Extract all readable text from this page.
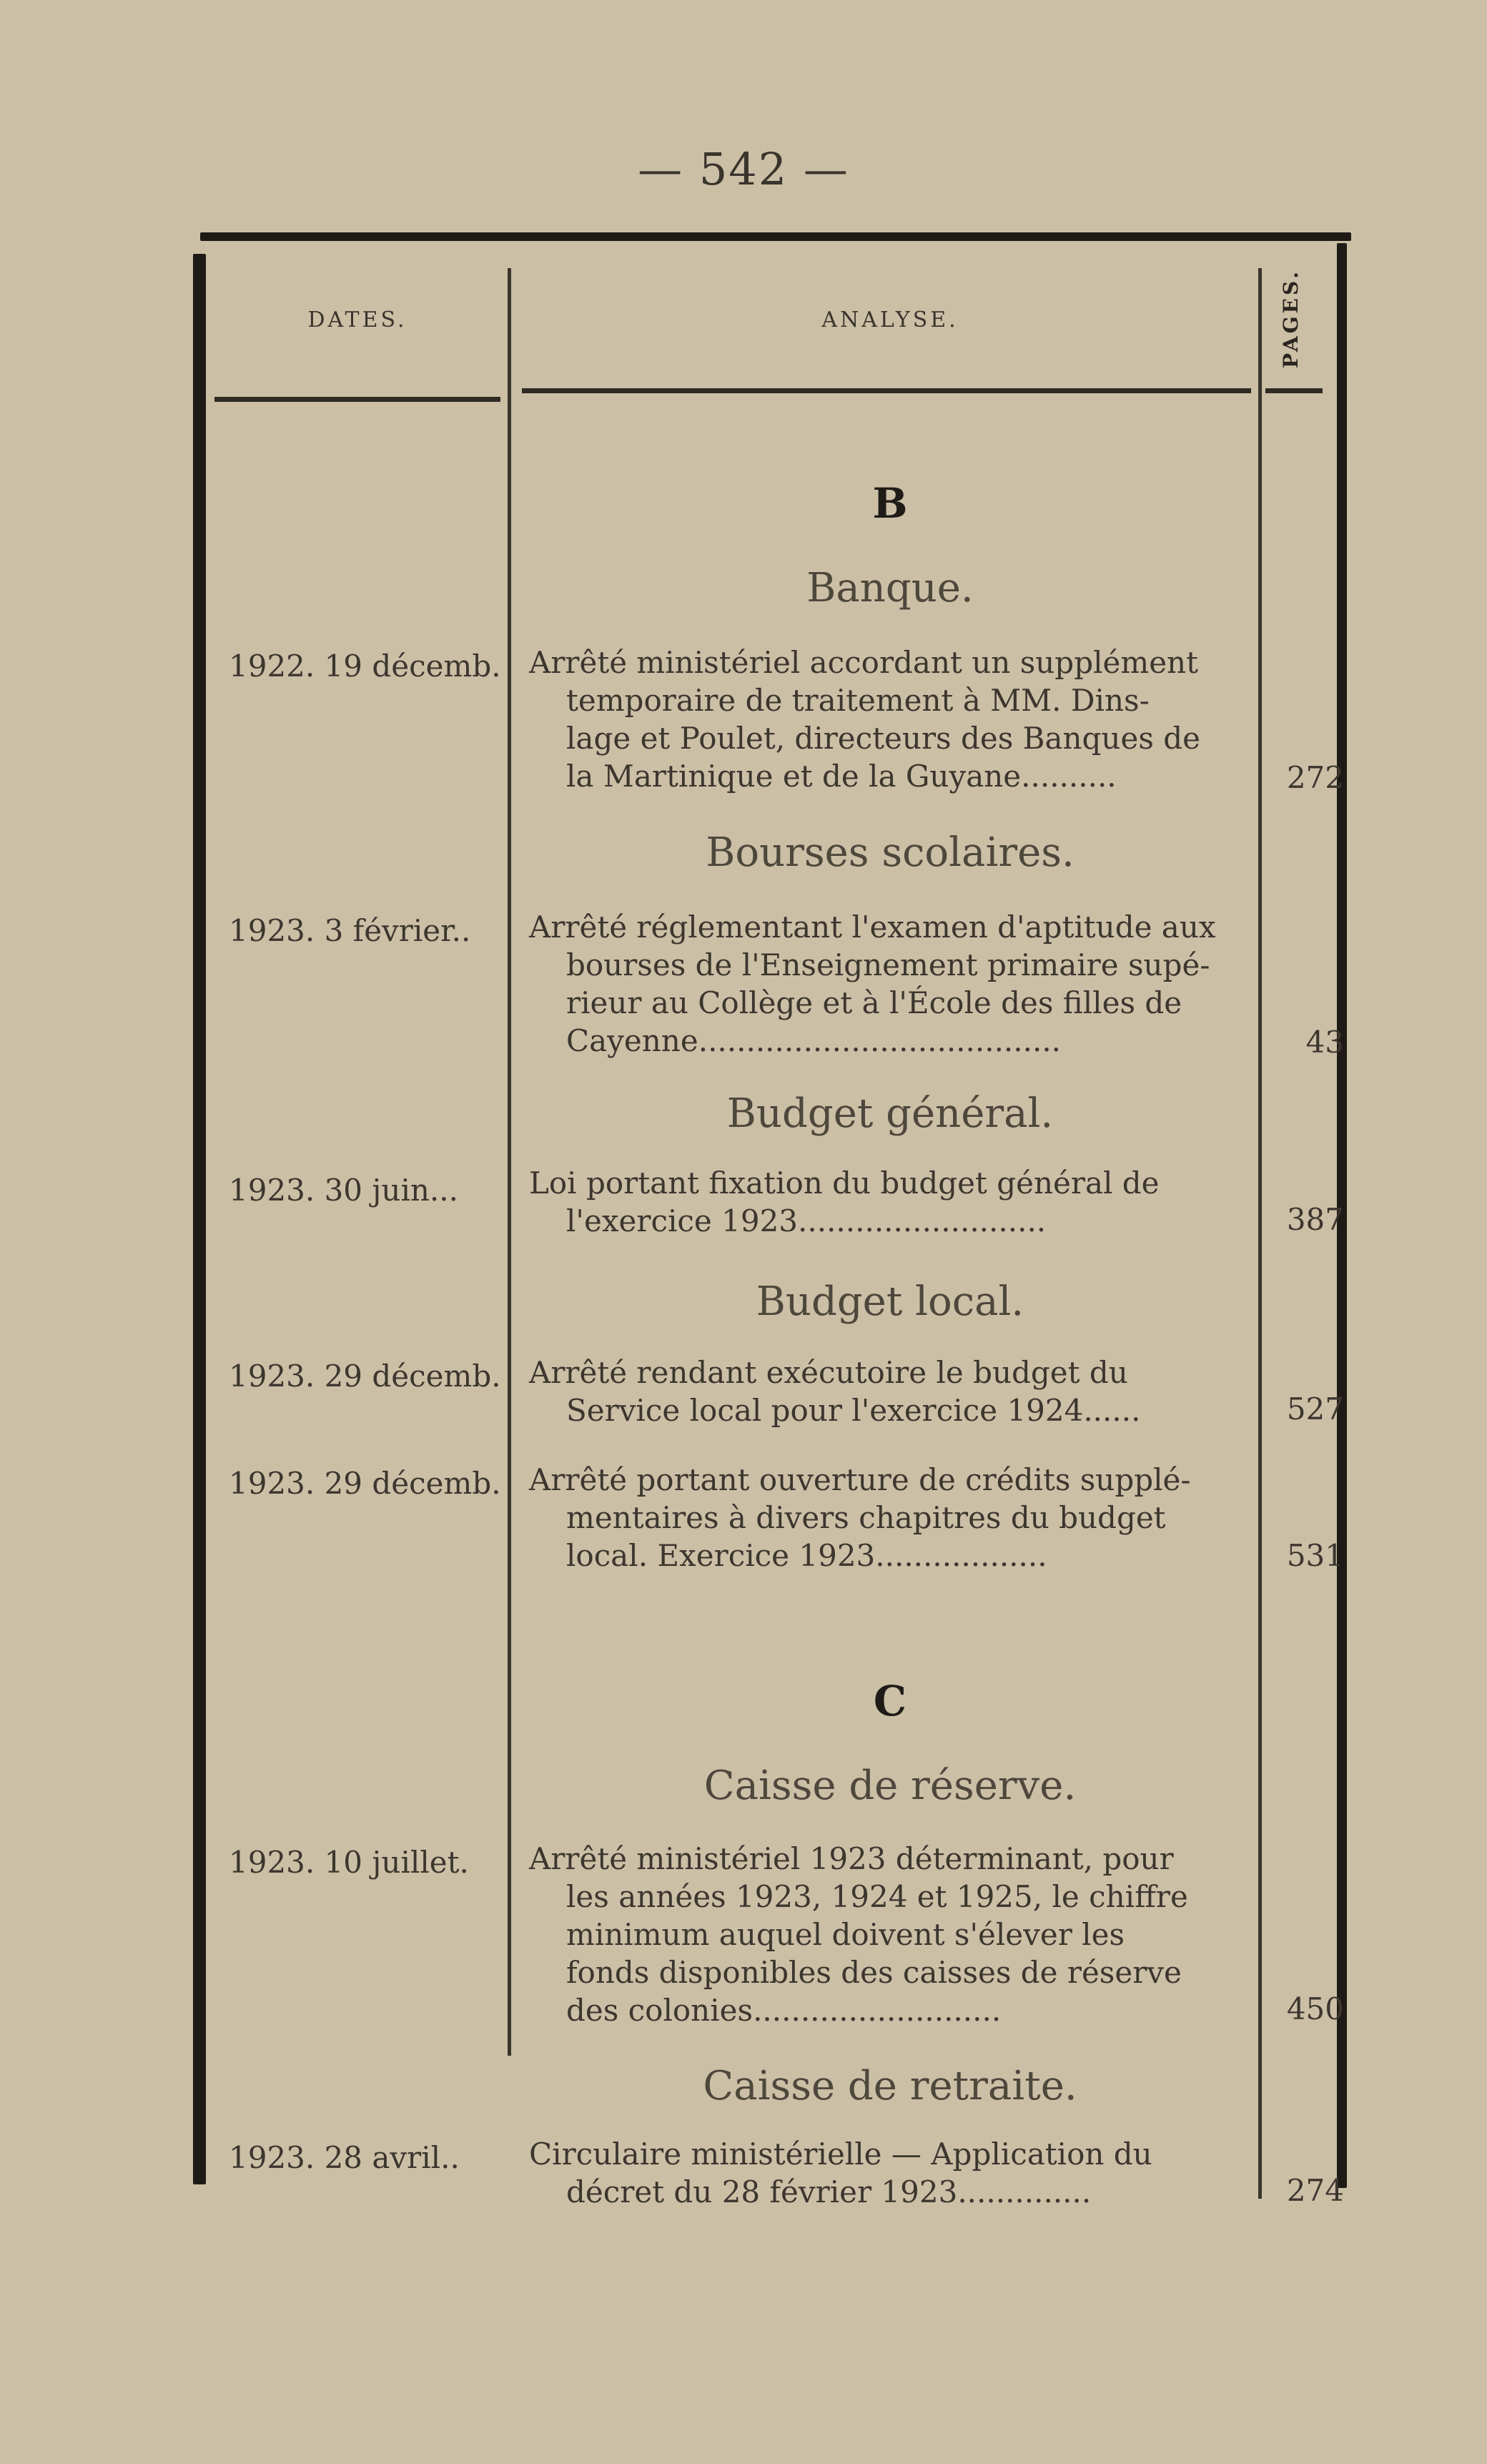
— 542 —
DATES.	ANALYSE.	PAGES.
B
Banque.
1922. 19 décemb. Arrêté ministériel accordant un supplément
temporaire de traitement à MM. Dins-
lage et Poulet, directeurs des Banques de
la Martinique et de la Guyane..........	272
Bourses scolaires.
1923. 3 février..	Arrêté réglementant l'examen d'aptitude aux
bourses de l'Enseignement primaire supé-
rieur au Collège et à l'École des filles de
Cayenne......................................	43
Budget général.
1923. 30 juin...	Loi portant fixation du budget général de
l'exercice 1923..........................	387
Budget local.
1923. 29 décemb. Arrêté rendant exécutoire le budget du
Service local pour l'exercice 1924......	527
1923. 29 décemb. Arrêté portant ouverture de crédits supplé-
mentaires à divers chapitres du budget
local. Exercice 1923..................	531
C
Caisse de réserve.
1923. 10 juillet.	Arrêté ministériel 1923 déterminant, pour
les années 1923, 1924 et 1925, le chiffre
minimum auquel doivent s'élever les
fonds disponibles des caisses de réserve
des colonies..........................	450
Caisse de retraite.
1923. 28 avril..	Circulaire ministérielle — Application du
décret du 28 février 1923..............	274
